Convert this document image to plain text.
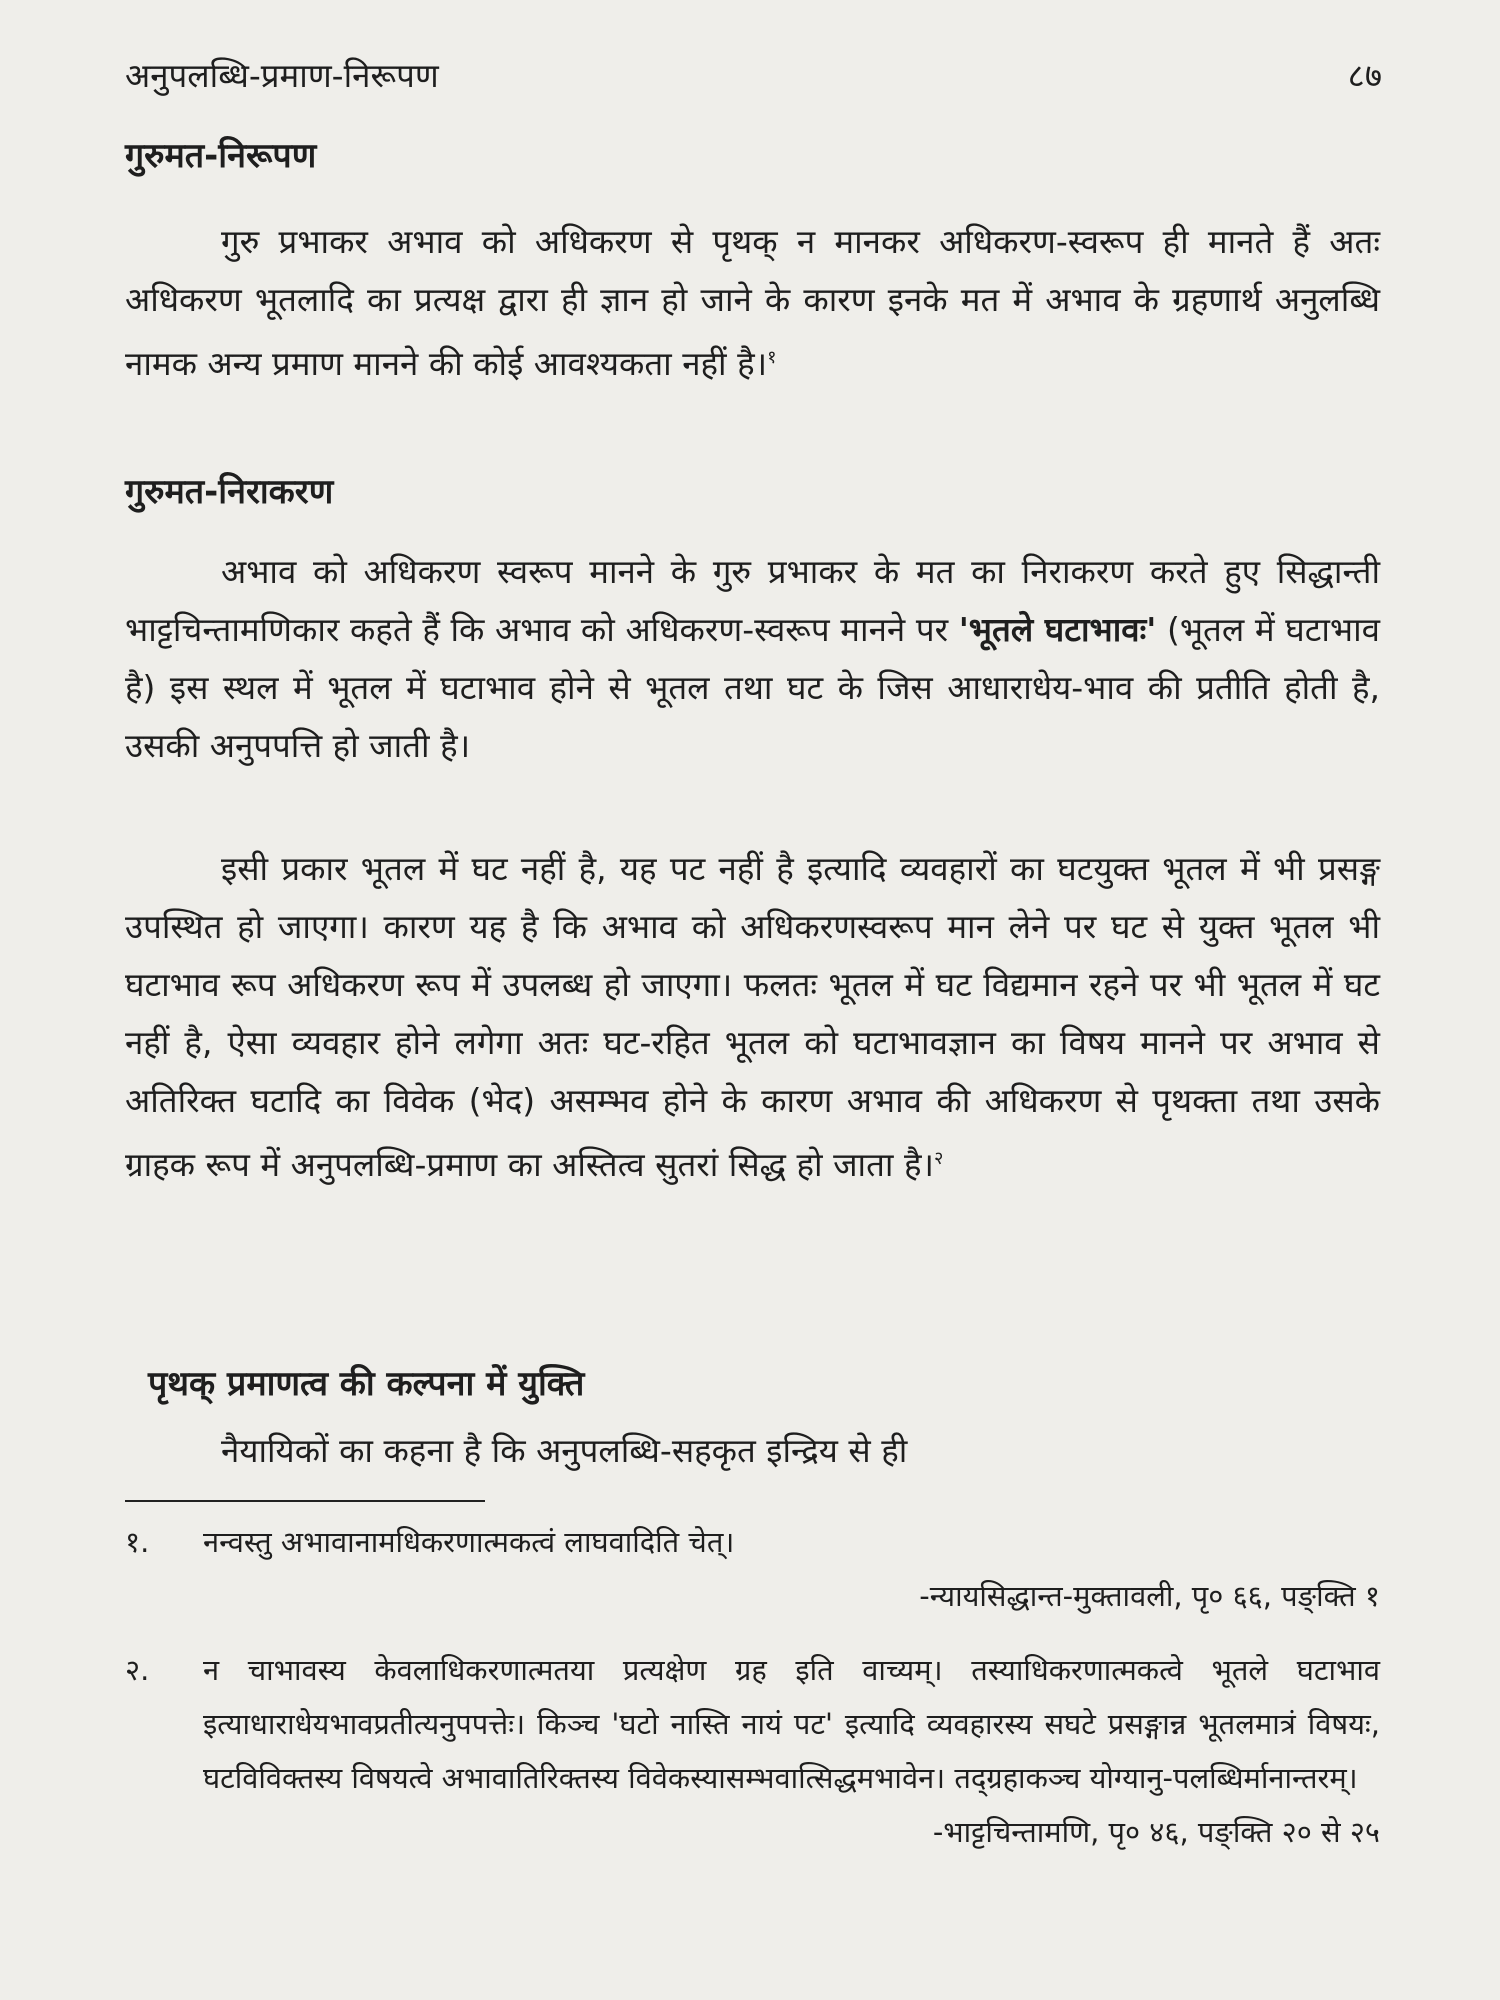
अनुपलब्धि-प्रमाण-निरूपण	८७
गुरुमत-निरूपण
गुरु प्रभाकर अभाव को अधिकरण से पृथक् न मानकर अधिकरण-स्वरूप ही मानते हैं अतः अधिकरण भूतलादि का प्रत्यक्ष द्वारा ही ज्ञान हो जाने के कारण इनके मत में अभाव के ग्रहणार्थ अनुलब्धि नामक अन्य प्रमाण मानने की कोई आवश्यकता नहीं है।$^१$
गुरुमत-निराकरण
अभाव को अधिकरण स्वरूप मानने के गुरु प्रभाकर के मत का निराकरण करते हुए सिद्धान्ती भाट्टचिन्तामणिकार कहते हैं कि अभाव को अधिकरण-स्वरूप मानने पर 'भूतले घटाभावः' (भूतल में घटाभाव है) इस स्थल में भूतल में घटाभाव होने से भूतल तथा घट के जिस आधाराधेय-भाव की प्रतीति होती है, उसकी अनुपपत्ति हो जाती है।
इसी प्रकार भूतल में घट नहीं है, यह पट नहीं है इत्यादि व्यवहारों का घटयुक्त भूतल में भी प्रसङ्ग उपस्थित हो जाएगा। कारण यह है कि अभाव को अधिकरणस्वरूप मान लेने पर घट से युक्त भूतल भी घटाभाव रूप अधिकरण रूप में उपलब्ध हो जाएगा। फलतः भूतल में घट विद्यमान रहने पर भी भूतल में घट नहीं है, ऐसा व्यवहार होने लगेगा अतः घट-रहित भूतल को घटाभावज्ञान का विषय मानने पर अभाव से अतिरिक्त घटादि का विवेक (भेद) असम्भव होने के कारण अभाव की अधिकरण से पृथक्ता तथा उसके ग्राहक रूप में अनुपलब्धि-प्रमाण का अस्तित्व सुतरां सिद्ध हो जाता है।$^२$
पृथक् प्रमाणत्व की कल्पना में युक्ति
नैयायिकों का कहना है कि अनुपलब्धि-सहकृत इन्द्रिय से ही
१. नन्वस्तु अभावानामधिकरणात्मकत्वं लाघवादिति चेत्।
-न्यायसिद्धान्त-मुक्तावली, पृ० ६६, पङ्क्ति १
२. न चाभावस्य केवलाधिकरणात्मतया प्रत्यक्षेण ग्रह इति वाच्यम्। तस्याधिकरणात्मकत्वे भूतले घटाभाव इत्याधाराधेयभावप्रतीत्यनुपपत्तेः। किञ्च 'घटो नास्ति नायं पट' इत्यादि व्यवहारस्य सघटे प्रसङ्गान्न भूतलमात्रं विषयः, घटविविक्तस्य विषयत्वे अभावातिरिक्तस्य विवेकस्यासम्भवात्सिद्धमभावेन। तद्ग्रहाकञ्च योग्यानु-पलब्धिर्मानान्तरम्।
-भाट्टचिन्तामणि, पृ० ४६, पङ्क्ति २० से २५
